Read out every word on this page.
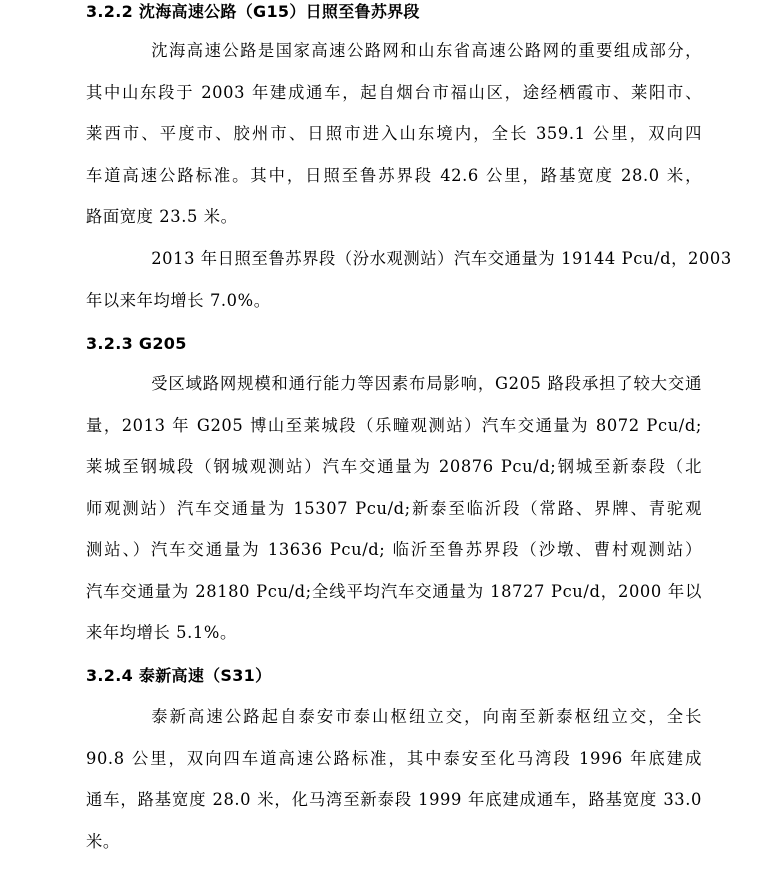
3.2.2 沈海高速公路（G15）日照至鲁苏界段
沈海高速公路是国家高速公路网和山东省高速公路网的重要组成部分，
其中山东段于 2003 年建成通车，起自烟台市福山区，途经栖霞市、莱阳市、
莱西市、平度市、胶州市、日照市进入山东境内，全长 359.1 公里，双向四
车道高速公路标准。其中，日照至鲁苏界段 42.6 公里，路基宽度 28.0 米，
路面宽度 23.5 米。
2013 年日照至鲁苏界段（汾水观测站）汽车交通量为 19144 Pcu/d，2003
年以来年均增长 7.0%。
3.2.3 G205
受区域路网规模和通行能力等因素布局影响，G205 路段承担了较大交通
量，2013 年 G205 博山至莱城段（乐疃观测站）汽车交通量为 8072 Pcu/d;
莱城至钢城段（钢城观测站）汽车交通量为 20876 Pcu/d;钢城至新泰段（北
师观测站）汽车交通量为 15307 Pcu/d;新泰至临沂段（常路、界牌、青驼观
测站、）汽车交通量为 13636 Pcu/d; 临沂至鲁苏界段（沙墩、曹村观测站）
汽车交通量为 28180 Pcu/d;全线平均汽车交通量为 18727 Pcu/d，2000 年以
来年均增长 5.1%。
3.2.4 泰新高速（S31）
泰新高速公路起自泰安市泰山枢纽立交，向南至新泰枢纽立交，全长
90.8 公里，双向四车道高速公路标准，其中泰安至化马湾段 1996 年底建成
通车，路基宽度 28.0 米，化马湾至新泰段 1999 年底建成通车，路基宽度 33.0
米。
